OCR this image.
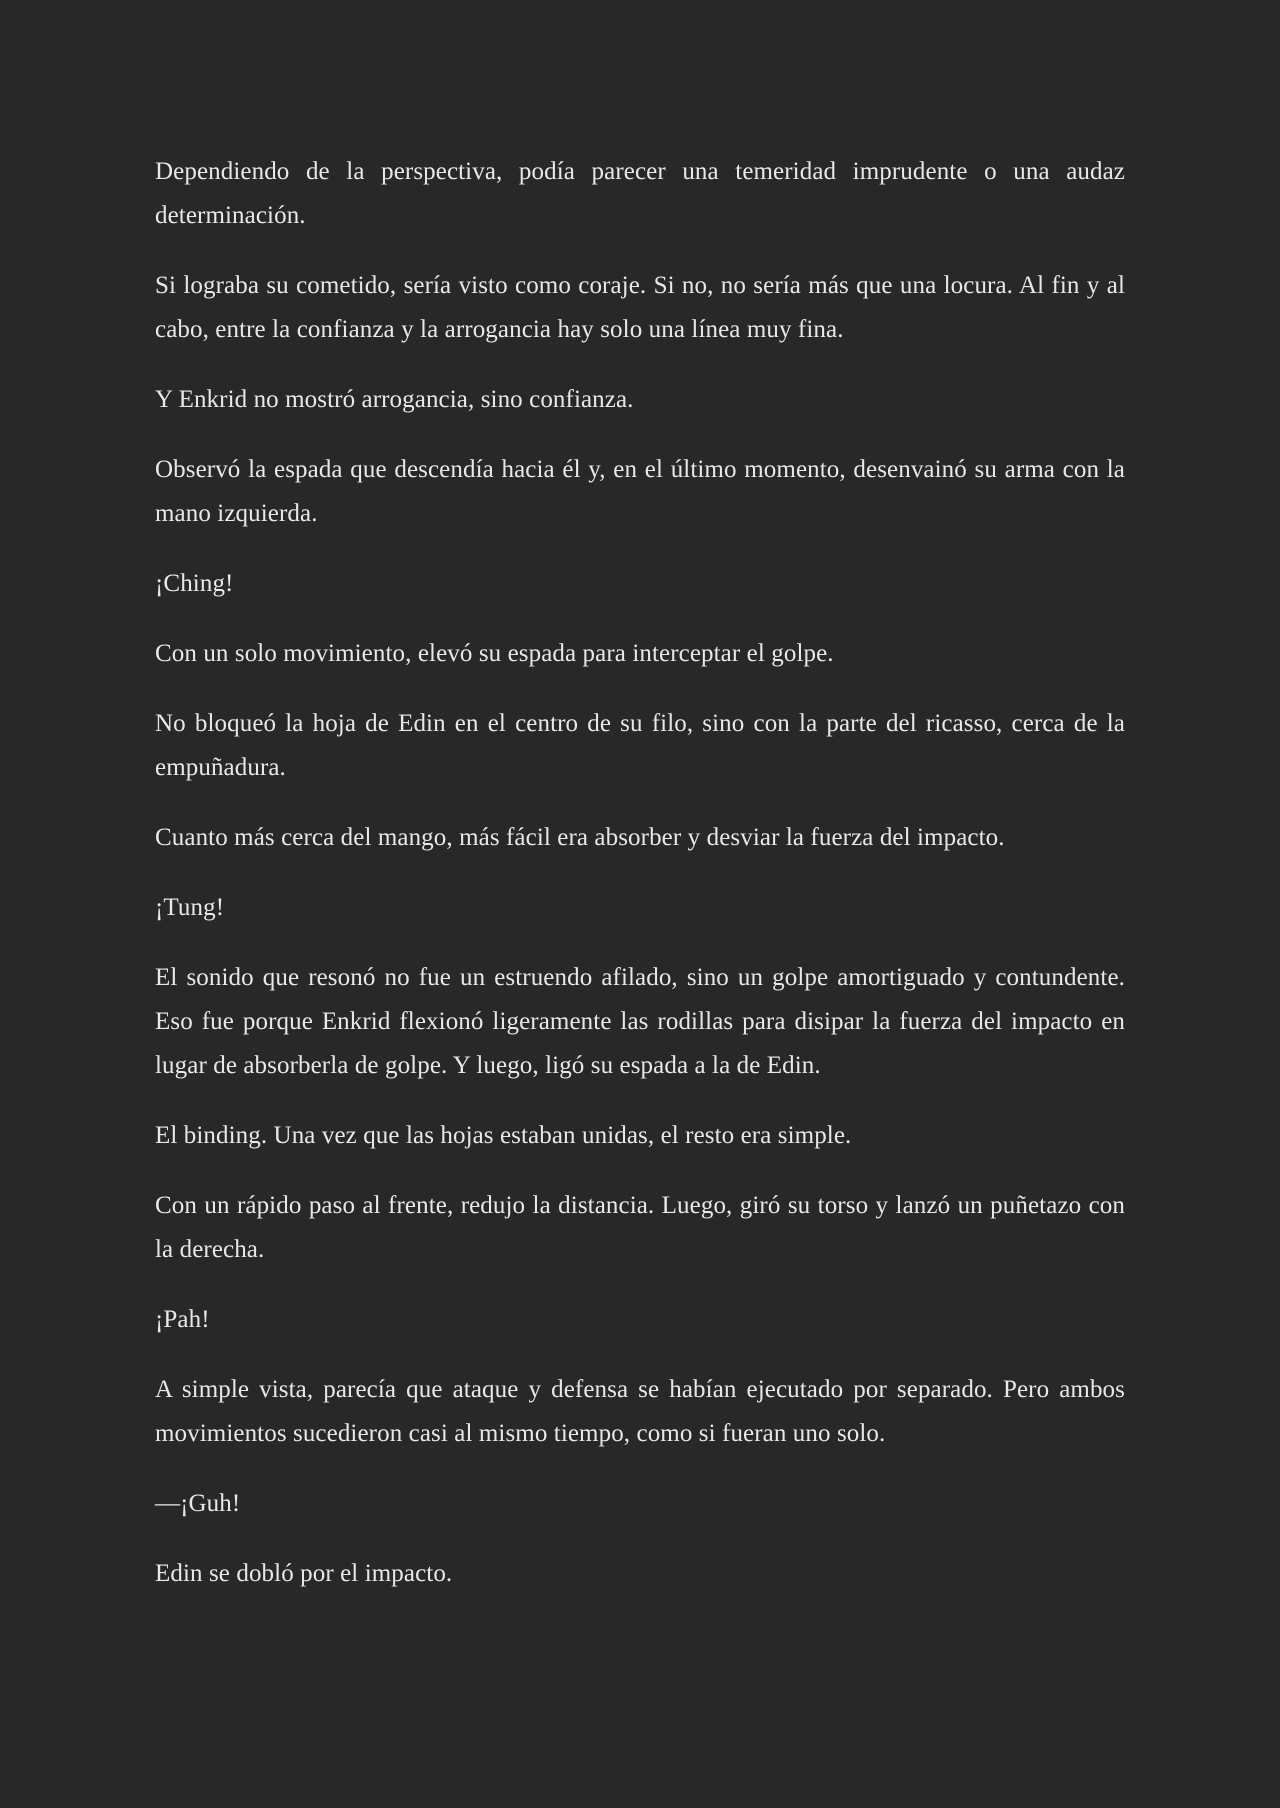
Dependiendo de la perspectiva, podía parecer una temeridad imprudente o una audaz determinación.

Si lograba su cometido, sería visto como coraje. Si no, no sería más que una locura. Al fin y al cabo, entre la confianza y la arrogancia hay solo una línea muy fina.

Y Enkrid no mostró arrogancia, sino confianza.

Observó la espada que descendía hacia él y, en el último momento, desenvainó su arma con la mano izquierda.

¡Ching!

Con un solo movimiento, elevó su espada para interceptar el golpe.

No bloqueó la hoja de Edin en el centro de su filo, sino con la parte del ricasso, cerca de la empuñadura.

Cuanto más cerca del mango, más fácil era absorber y desviar la fuerza del impacto.

¡Tung!

El sonido que resonó no fue un estruendo afilado, sino un golpe amortiguado y contundente. Eso fue porque Enkrid flexionó ligeramente las rodillas para disipar la fuerza del impacto en lugar de absorberla de golpe. Y luego, ligó su espada a la de Edin.

El binding. Una vez que las hojas estaban unidas, el resto era simple.

Con un rápido paso al frente, redujo la distancia. Luego, giró su torso y lanzó un puñetazo con la derecha.

¡Pah!

A simple vista, parecía que ataque y defensa se habían ejecutado por separado. Pero ambos movimientos sucedieron casi al mismo tiempo, como si fueran uno solo.

—¡Guh!

Edin se dobló por el impacto.
